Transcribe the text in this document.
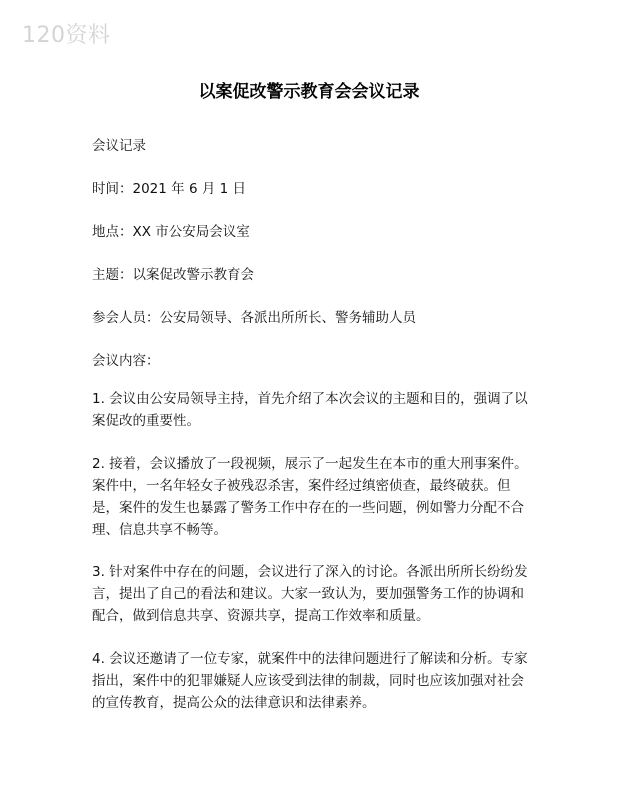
120资料
以案促改警示教育会会议记录
会议记录
时间：2021 年 6 月 1 日
地点：XX 市公安局会议室
主题：以案促改警示教育会
参会人员：公安局领导、各派出所所长、警务辅助人员
会议内容：
1. 会议由公安局领导主持，首先介绍了本次会议的主题和目的，强调了以案促改的重要性。
2. 接着，会议播放了一段视频，展示了一起发生在本市的重大刑事案件。案件中，一名年轻女子被残忍杀害，案件经过缜密侦查，最终破获。但是，案件的发生也暴露了警务工作中存在的一些问题，例如警力分配不合理、信息共享不畅等。
3. 针对案件中存在的问题，会议进行了深入的讨论。各派出所所长纷纷发言，提出了自己的看法和建议。大家一致认为，要加强警务工作的协调和配合，做到信息共享、资源共享，提高工作效率和质量。
4. 会议还邀请了一位专家，就案件中的法律问题进行了解读和分析。专家指出，案件中的犯罪嫌疑人应该受到法律的制裁，同时也应该加强对社会的宣传教育，提高公众的法律意识和法律素养。
